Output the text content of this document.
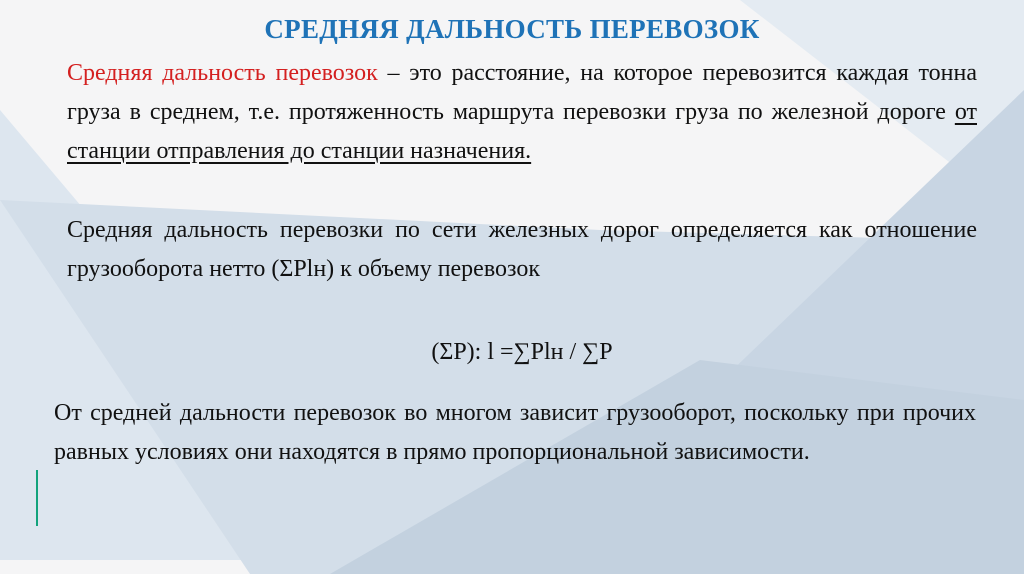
СРЕДНЯЯ ДАЛЬНОСТЬ ПЕРЕВОЗОК
Средняя дальность перевозок – это расстояние, на которое перевозится каждая тонна груза в среднем, т.е. протяженность маршрута перевозки груза по железной дороге от станции отправления до станции назначения.
Средняя дальность перевозки по сети железных дорог определяется как отношение грузооборота нетто (ΣPlн) к объему перевозок
(ΣP): l =∑Plн / ∑P
От средней дальности перевозок во многом зависит грузооборот, поскольку при прочих равных условиях они находятся в прямо пропорциональной зависимости.
